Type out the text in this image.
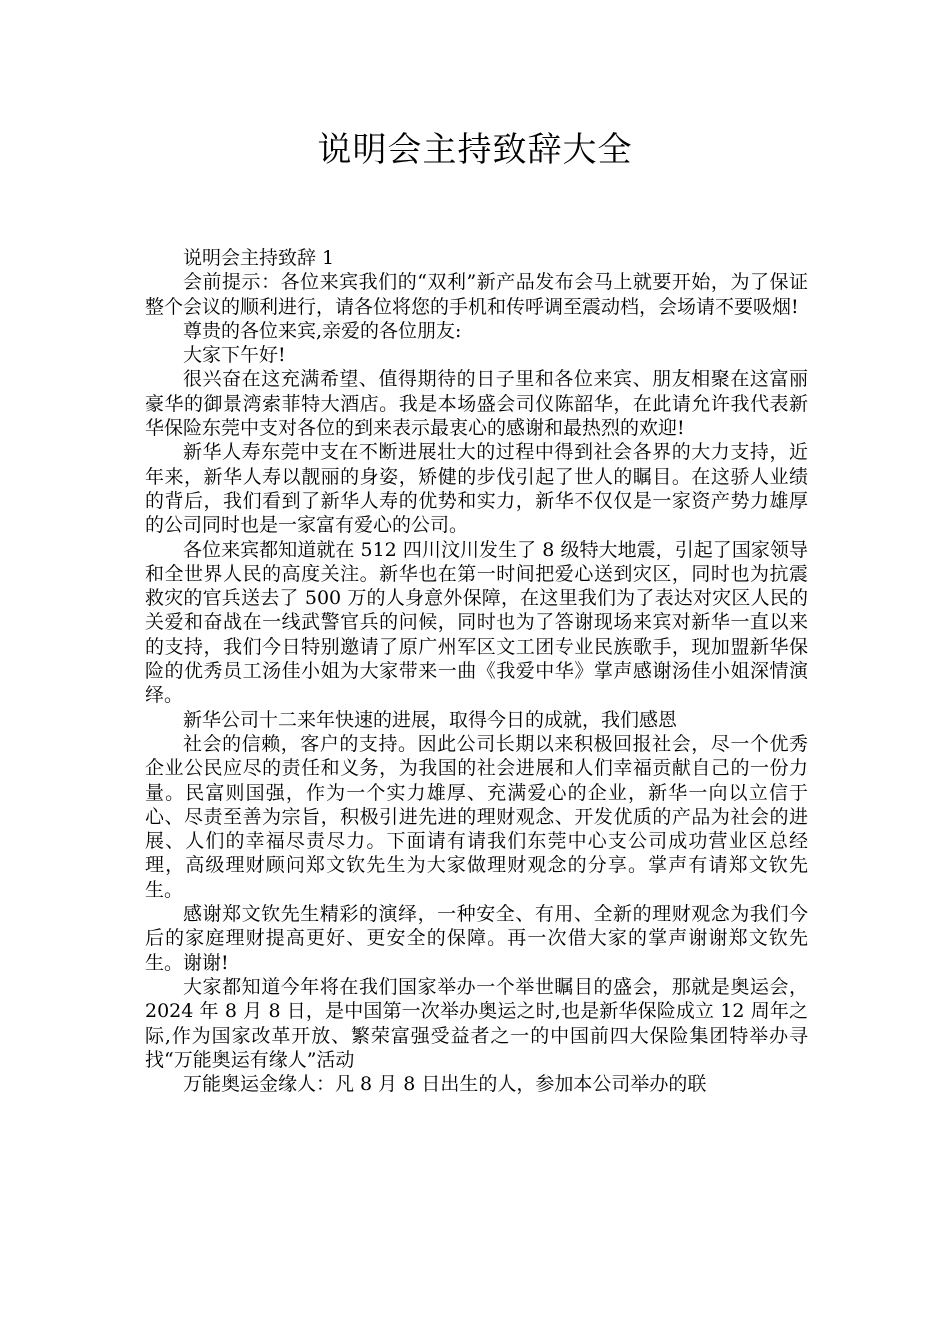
说明会主持致辞大全

说明会主持致辞 1

会前提示：各位来宾我们的“双利”新产品发布会马上就要开始，为了保证整个会议的顺利进行，请各位将您的手机和传呼调至震动档，会场请不要吸烟!

尊贵的各位来宾,亲爱的各位朋友:

大家下午好!

很兴奋在这充满希望、值得期待的日子里和各位来宾、朋友相聚在这富丽豪华的御景湾索菲特大酒店。我是本场盛会司仪陈韶华，在此请允许我代表新华保险东莞中支对各位的到来表示最衷心的感谢和最热烈的欢迎!

新华人寿东莞中支在不断进展壮大的过程中得到社会各界的大力支持，近年来，新华人寿以靓丽的身姿，矫健的步伐引起了世人的瞩目。在这骄人业绩的背后，我们看到了新华人寿的优势和实力，新华不仅仅是一家资产势力雄厚的公司同时也是一家富有爱心的公司。

各位来宾都知道就在 512 四川汶川发生了 8 级特大地震，引起了国家领导和全世界人民的高度关注。新华也在第一时间把爱心送到灾区，同时也为抗震救灾的官兵送去了 500 万的人身意外保障，在这里我们为了表达对灾区人民的关爱和奋战在一线武警官兵的问候，同时也为了答谢现场来宾对新华一直以来的支持，我们今日特别邀请了原广州军区文工团专业民族歌手，现加盟新华保险的优秀员工汤佳小姐为大家带来一曲《我爱中华》掌声感谢汤佳小姐深情演绎。

新华公司十二来年快速的进展，取得今日的成就，我们感恩

社会的信赖，客户的支持。因此公司长期以来积极回报社会，尽一个优秀企业公民应尽的责任和义务，为我国的社会进展和人们幸福贡献自己的一份力量。民富则国强，作为一个实力雄厚、充满爱心的企业，新华一向以立信于心、尽责至善为宗旨，积极引进先进的理财观念、开发优质的产品为社会的进展、人们的幸福尽责尽力。下面请有请我们东莞中心支公司成功营业区总经理，高级理财顾问郑文钦先生为大家做理财观念的分享。掌声有请郑文钦先生。

感谢郑文钦先生精彩的演绎，一种安全、有用、全新的理财观念为我们今后的家庭理财提高更好、更安全的保障。再一次借大家的掌声谢谢郑文钦先生。谢谢!

大家都知道今年将在我们国家举办一个举世瞩目的盛会，那就是奥运会，2024 年 8 月 8 日，是中国第一次举办奥运之时,也是新华保险成立 12 周年之际,作为国家改革开放、繁荣富强受益者之一的中国前四大保险集团特举办寻找“万能奥运有缘人”活动

万能奥运金缘人：凡 8 月 8 日出生的人，参加本公司举办的联
